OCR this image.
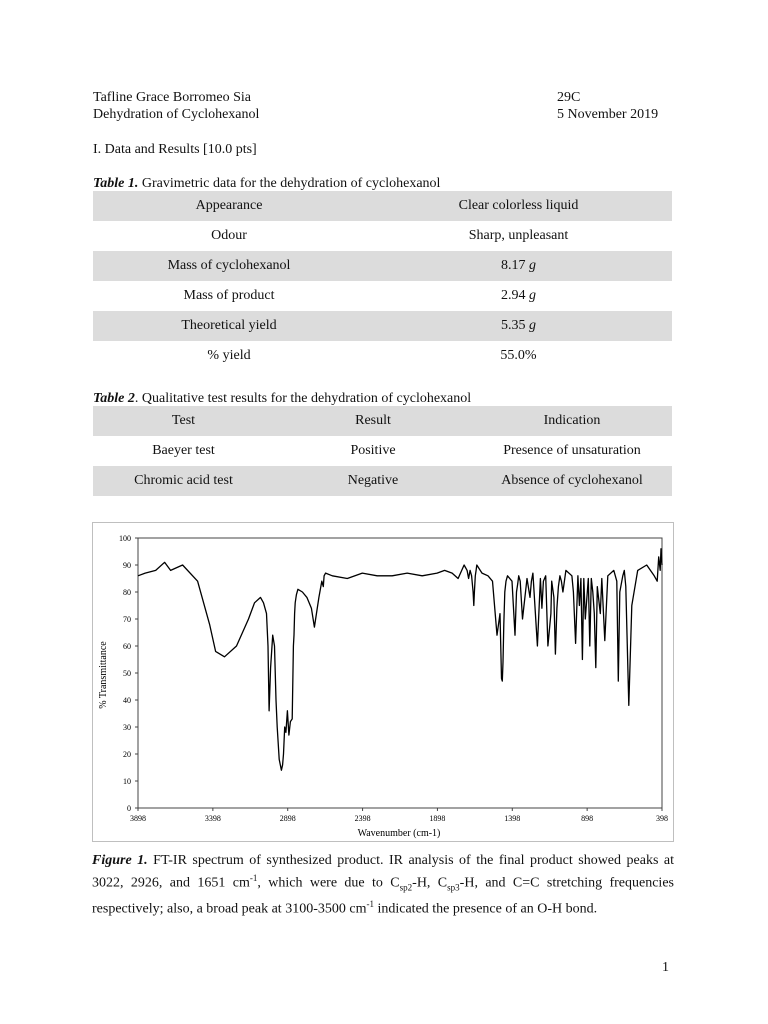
Tafline Grace Borromeo Sia	29C
Dehydration of Cyclohexanol	5 November 2019
I. Data and Results [10.0 pts]
Table 1. Gravimetric data for the dehydration of cyclohexanol
Appearance	Clear colorless liquid
Odour	Sharp, unpleasant
Mass of cyclohexanol	8.17 g
Mass of product	2.94 g
Theoretical yield	5.35 g
% yield	55.0%
Table 2. Qualitative test results for the dehydration of cyclohexanol
Test	Result	Indication
Baeyer test	Positive	Presence of unsaturation
Chromic acid test	Negative	Absence of cyclohexanol
0
10
20
30
40
50
60
70
80
90
100
3898	3398	2898	2398	1898	1398	898	398
% Transmittance
Wavenumber (cm-1)
Figure 1. FT-IR spectrum of synthesized product. IR analysis of the final product showed peaks at 3022, 2926, and 1651 $cm^{-1}$, which were due to $C_{sp2}-H$, $C_{sp3}-H$, and C=C stretching frequencies respectively; also, a broad peak at 3100-3500 $cm^{-1}$ indicated the presence of an O-H bond.
1
